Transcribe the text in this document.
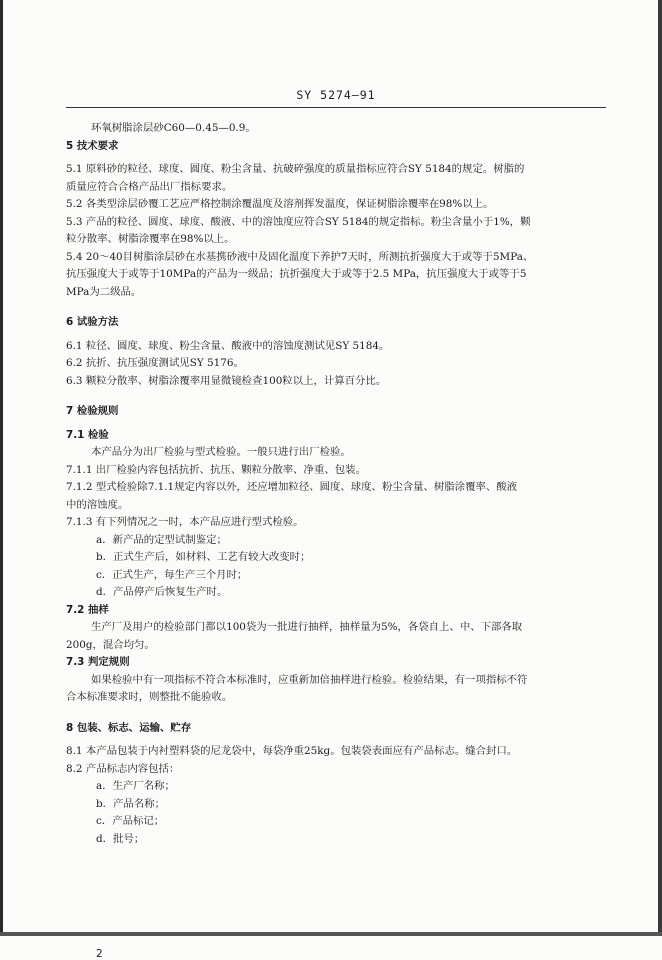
SY 5274—91

环氧树脂涂层砂C60—0.45—0.9。

5 技术要求

5.1 原料砂的粒径、球度、圆度、粉尘含量、抗破碎强度的质量指标应符合SY 5184的规定。树脂的

质量应符合合格产品出厂指标要求。

5.2 各类型涂层砂覆工艺应严格控制涂覆温度及溶剂挥发温度，保证树脂涂覆率在98%以上。

5.3 产品的粒径、圆度、球度、酸液、中的溶蚀度应符合SY 5184的规定指标。粉尘含量小于1%，颗

粒分散率、树脂涂覆率在98%以上。

5.4 20～40目树脂涂层砂在水基携砂液中及固化温度下养护7天时，所测抗折强度大于或等于5MPa、

抗压强度大于或等于10MPa的产品为一级品；抗折强度大于或等于2.5 MPa，抗压强度大于或等于5

MPa为二级品。

6 试验方法

6.1 粒径、圆度、球度、粉尘含量、酸液中的溶蚀度测试见SY 5184。

6.2 抗折、抗压强度测试见SY 5176。

6.3 颗粒分散率、树脂涂覆率用显微镜检查100粒以上，计算百分比。

7 检验规则

7.1 检验

本产品分为出厂检验与型式检验。一般只进行出厂检验。

7.1.1 出厂检验内容包括抗折、抗压、颗粒分散率、净重、包装。

7.1.2 型式检验除7.1.1规定内容以外，还应增加粒径、圆度、球度、粉尘含量、树脂涂覆率、酸液

中的溶蚀度。

7.1.3 有下列情况之一时，本产品应进行型式检验。

a．新产品的定型试制鉴定；

b．正式生产后，如材料、工艺有较大改变时；

c．正式生产，每生产三个月时；

d．产品停产后恢复生产时。

7.2 抽样

生产厂及用户的检验部门都以100袋为一批进行抽样，抽样量为5%，各袋自上、中、下部各取

200g，混合均匀。

7.3 判定规则

如果检验中有一项指标不符合本标准时，应重新加倍抽样进行检验。检验结果，有一项指标不符

合本标准要求时，则整批不能验收。

8 包装、标志、运输、贮存

8.1 本产品包装于内衬塑料袋的尼龙袋中，每袋净重25kg。包装袋表面应有产品标志。缝合封口。

8.2 产品标志内容包括：

a．生产厂名称；

b．产品名称；

c．产品标记；

d．批号；

2
